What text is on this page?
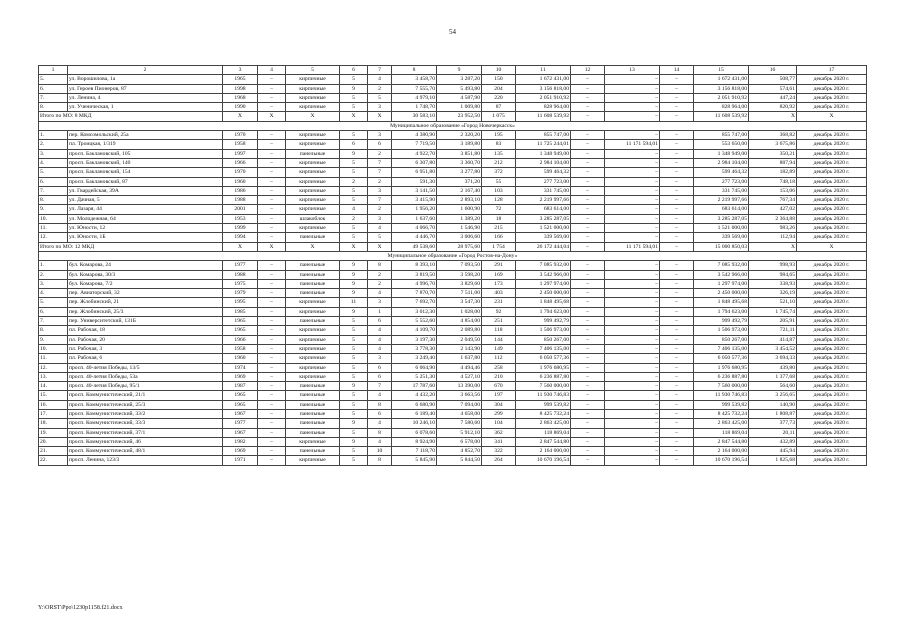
54
1	2	3	4	5	6	7	8	9	10	11	12	13	14	15	16	17
5.	ул. Ворошилова, 1а	1965	–	кирпичные	5	4	3 458,70	3 287,20	150	1 672 431,00	–	–	–	1 672 431,00	508,77	декабрь 2020 г.
6.	ул. Героев Пионеров, 87	1998	–	кирпичные	9	2	7 555,70	5 493,80	204	3 156 818,00	–	–	–	3 156 818,00	574,61	декабрь 2020 г.
7.	ул. Ленина, 4	1968	–	кирпичные	5	5	4 979,10	4 587,90	220	2 051 910,92	–	–	–	2 051 910,92	447,24	декабрь 2020 г.
8.	ул. Ученическая, 1	1990	–	кирпичные	5	3	1 748,70	1 009,80	87	828 964,00	–	–	–	828 964,00	820,92	декабрь 2020 г.
Итого по МО: 8 МКД		X	X	X	X	X	30 583,10	23 952,50	1 075	11 608 539,92	–	–	–	11 608 539,92	X	X
Муниципальное образование «Город Новочеркасск»																
1.	пер. Комсомольский, 25а	1970	–	кирпичные	5	3	4 380,90	2 320,20	195	855 747,00	–	–	–	855 747,00	368,82	декабрь 2020 г.
2.	пл. Троицкая, 1/319	1958	–	кирпичные	6	6	7 719,50	3 189,80	83	11 725 244,01	–	11 171 594,01	–	553 650,00	3 675,86	декабрь 2020 г.
3.	просп. Баклановский, 105	1997	–	панельные	9	2	4 922,70	3 851,80	135	1 348 949,00	–	–	–	1 348 949,00	350,21	декабрь 2020 г.
4.	просп. Баклановский, 140	1966	–	кирпичные	5	7	6 307,80	3 360,70	212	2 984 104,00	–	–	–	2 984 104,00	887,94	декабрь 2020 г.
5.	просп. Баклановский, 154	1970	–	кирпичные	5	7	6 951,80	3 277,80	372	599 464,32	–	–	–	599 464,32	182,89	декабрь 2020 г.
6.	просп. Баклановский, 87	1960	–	кирпичные	2	2	591,30	371,20	55	277 723,00	–	–	–	277 723,00	748,18	декабрь 2020 г.
7.	ул. Гвардейская, 39А	1986	–	кирпичные	5	3	3 141,50	2 167,40	103	331 745,00	–	–	–	331 745,00	153,06	декабрь 2020 г.
8.	ул. Дачная, 5	1988	–	кирпичные	5	7	3 415,90	2 893,10	128	2 219 997,66	–	–	–	2 219 997,66	767,34	декабрь 2020 г.
9.	ул. Лазаря, 44	2001	–	кирпичные	4	2	1 956,20	1 600,90	72	683 614,00	–	–	–	683 614,00	427,02	декабрь 2020 г.
10.	ул. Молодежная, 64	1953	–	шлакоблок	2	3	1 637,60	1 389,20	18	3 285 287,05	–	–	–	3 285 287,05	2 364,88	декабрь 2020 г.
11.	ул. Юности, 12	1999	–	кирпичные	5	4	4 066,70	1 546,90	215	1 521 000,00	–	–	–	1 521 000,00	983,26	декабрь 2020 г.
12.	ул. Юности, 1Б	1994	–	панельные	5	5	4 446,70	3 006,60	166	339 569,00	–	–	–	339 569,00	112,94	декабрь 2020 г.
Итого по МО: 12 МКД		X	X	X	X	X	49 538,60	28 975,60	1 754	26 172 444,04	–	11 171 594,01	–	15 000 850,03	X	X
Муниципальное образование «Город Ростов-на-Дону»																
1.	бул. Комарова, 24	1977	–	панельные	9	8	8 393,10	7 093,50	291	7 085 932,00	–	–	–	7 085 932,00	998,93	декабрь 2020 г.
2.	бул. Комарова, 30/3	1988	–	панельные	9	2	3 819,50	3 598,20	169	3 542 966,00	–	–	–	3 542 966,00	984,65	декабрь 2020 г.
3.	бул. Комарова, 7/2	1975	–	панельные	9	2	4 996,70	3 829,60	173	1 297 974,00	–	–	–	1 297 974,00	338,93	декабрь 2020 г.
4.	пер. Авиаторский, 32	1979	–	панельные	9	4	7 870,70	7 511,00	403	2 450 000,00	–	–	–	2 450 000,00	326,19	декабрь 2020 г.
5.	пер. Жлобинский, 21	1995	–	кирпичные	11	3	7 692,70	3 547,30	231	1 848 495,68	–	–	–	1 848 495,68	521,10	декабрь 2020 г.
6.	пер. Жлобинский, 25/3	1985	–	кирпичные	9	1	3 012,30	1 028,00	92	1 794 623,00	–	–	–	1 794 623,00	1 745,74	декабрь 2020 г.
7.	пер. Университетский, 131Б	1965	–	панельные	5	6	5 552,60	4 854,00	251	999 492,79	–	–	–	999 492,79	205,91	декабрь 2020 г.
8.	пл. Рабочая, 18	1965	–	кирпичные	5	4	4 109,70	2 089,80	118	1 506 973,00	–	–	–	1 506 973,00	721,11	декабрь 2020 г.
9.	пл. Рабочая, 20	1966	–	кирпичные	5	4	3 197,30	2 049,50	144	850 267,00	–	–	–	850 267,00	414,87	декабрь 2020 г.
10.	пл. Рабочая, 3	1958	–	кирпичные	5	4	3 778,30	2 143,90	149	7 406 135,00	–	–	–	7 406 135,00	3 454,52	декабрь 2020 г.
11.	пл. Рабочая, 6	1960	–	кирпичные	5	3	3 249,40	1 637,80	112	6 050 577,36	–	–	–	6 050 577,36	3 694,33	декабрь 2020 г.
12.	просп. 40-летия Победы, 13/5	1974	–	кирпичные	5	6	6 064,90	4 494,46	258	1 976 680,95	–	–	–	1 976 680,95	439,80	декабрь 2020 г.
13.	просп. 40-летия Победы, 53а	1969	–	кирпичные	5	6	5 251,30	4 527,10	210	6 236 887,80	–	–	–	6 236 887,80	1 377,68	декабрь 2020 г.
14.	просп. 40-летия Победы, 95/1	1987	–	панельные	9	7	17 787,60	13 390,00	670	7 560 000,00	–	–	–	7 560 000,00	564,60	декабрь 2020 г.
15.	просп. Коммунистический, 21/1	1965	–	панельные	5	4	4 432,20	3 663,56	197	11 930 746,83	–	–	–	11 930 746,83	3 256,65	декабрь 2020 г.
16.	просп. Коммунистический, 25/3	1965	–	панельные	5	8	6 680,90	7 094,00	304	999 539,82	–	–	–	999 539,82	140,90	декабрь 2020 г.
17.	просп. Коммунистический, 33/2	1967	–	панельные	5	6	6 189,40	4 658,00	299	8 425 732,24	–	–	–	8 425 732,24	1 808,87	декабрь 2020 г.
18.	просп. Коммунистический, 33/3	1977	–	панельные	9	4	10 246,10	7 580,60	104	2 863 425,00	–	–	–	2 863 425,00	377,73	декабрь 2020 г.
19.	просп. Коммунистический, 37/1	1967	–	панельные	5	8	6 078,60	5 912,10	362	118 869,04	–	–	–	118 869,04	20,11	декабрь 2020 г.
20.	просп. Коммунистический, 46	1982	–	кирпичные	9	4	8 924,90	6 578,00	341	2 847 544,80	–	–	–	2 847 544,80	432,89	декабрь 2020 г.
21.	просп. Коммунистический, 48/1	1969	–	панельные	5	10	7 118,70	4 852,70	322	2 164 000,00	–	–	–	2 164 000,00	445,94	декабрь 2020 г.
22.	просп. Ленина, 123/3	1971	–	кирпичные	5	8	5 845,90	5 844,50	264	10 670 196,54	–	–	–	10 670 196,54	1 825,68	декабрь 2020 г.
Y:\ORST\Ppo\1230p1158.f21.docx
